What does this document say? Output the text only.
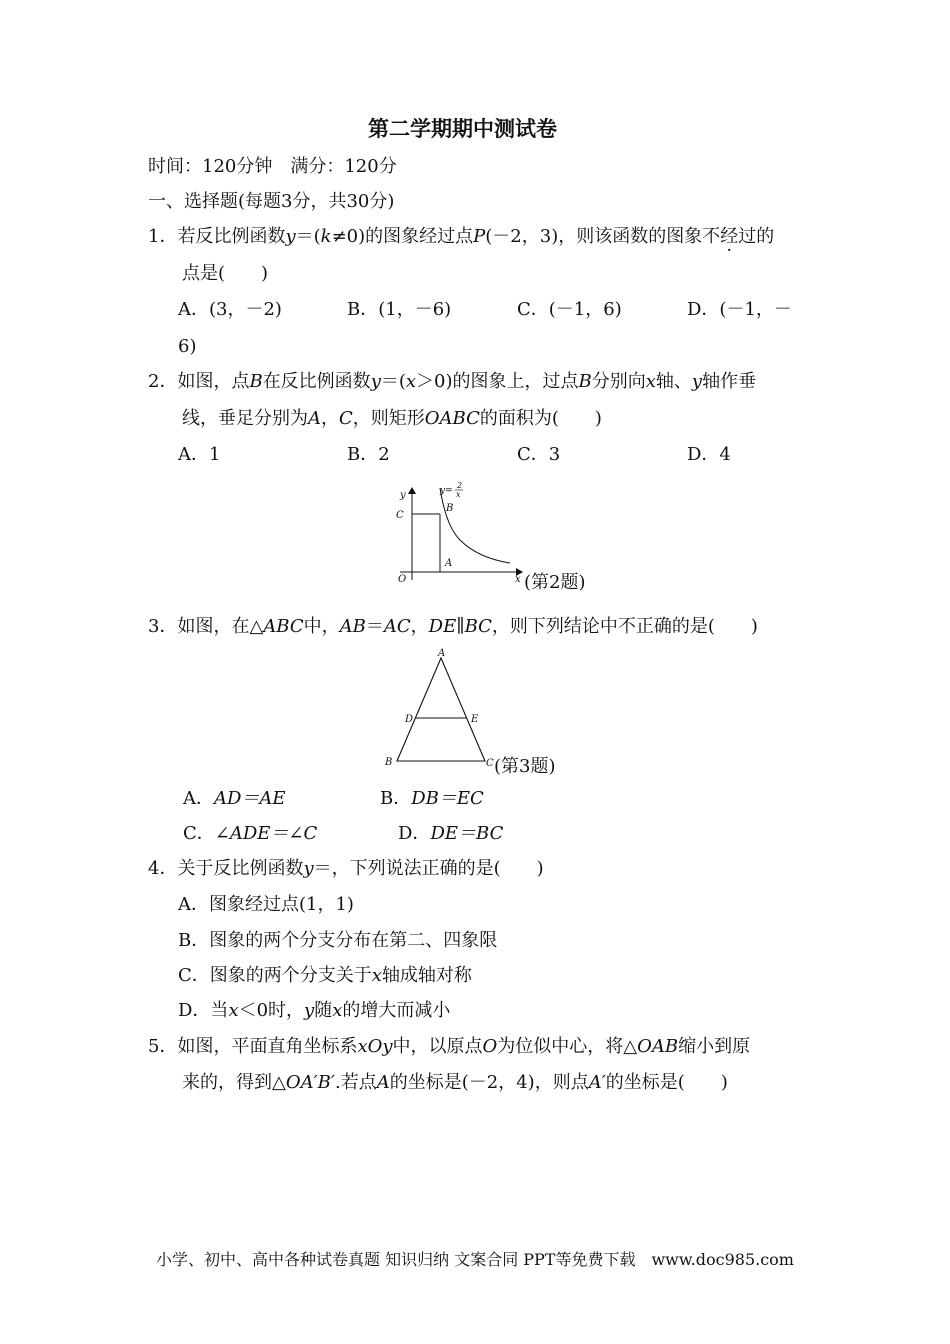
第二学期期中测试卷
时间：120分钟　满分：120分
一、选择题(每题3分，共30分)
1．若反比例函数y＝(k≠0)的图象经过点P(－2，3)，则该函数的图象不经过的
点是(　　)
A．(3，－2)	B．(1，－6)	C．(－1，6)	D．(－1，－
6)
2．如图，点B在反比例函数y＝(x＞0)的图象上，过点B分别向x轴、y轴作垂
线，垂足分别为A，C，则矩形OABC的面积为(　　)
A．1	B．2	C．3	D．4
y
O
C
B
A
x
y=
2
x
(第2题)
3．如图，在△ABC中，AB＝AC，DE∥BC，则下列结论中不正确的是(　　)
A
D	E
B	C (第3题)
A．AD＝AE	B．DB＝EC
C．∠ADE＝∠C	D．DE＝BC
4．关于反比例函数y＝，下列说法正确的是(　　)
A．图象经过点(1，1)
B．图象的两个分支分布在第二、四象限
C．图象的两个分支关于x轴成轴对称
D．当x＜0时，y随x的增大而减小
5．如图，平面直角坐标系xOy中，以原点O为位似中心，将△OAB缩小到原
来的，得到△OA′B′.若点A的坐标是(－2，4)，则点A′的坐标是(　　)
小学、初中、高中各种试卷真题 知识归纳 文案合同 PPT等免费下载　www.doc985.com
